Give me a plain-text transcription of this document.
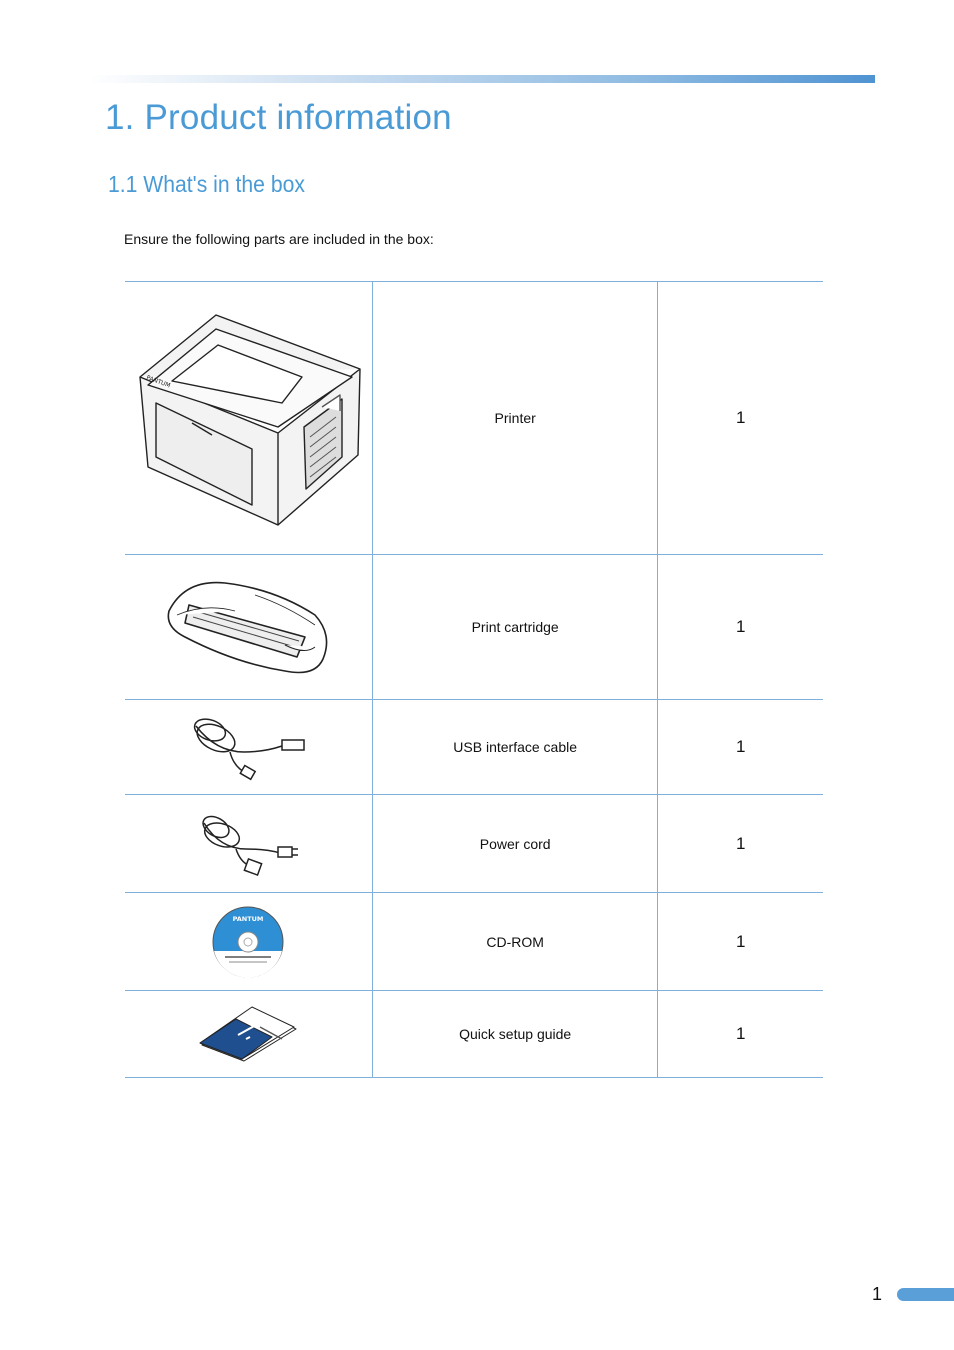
1. Product information
1.1 What's in the box
Ensure the following parts are included in the box:
PANTUM	Printer	1

	Print cartridge	1

	USB interface cable	1

	Power cord	1

PANTUM	CD-ROM	1

	Quick setup guide	1
1
